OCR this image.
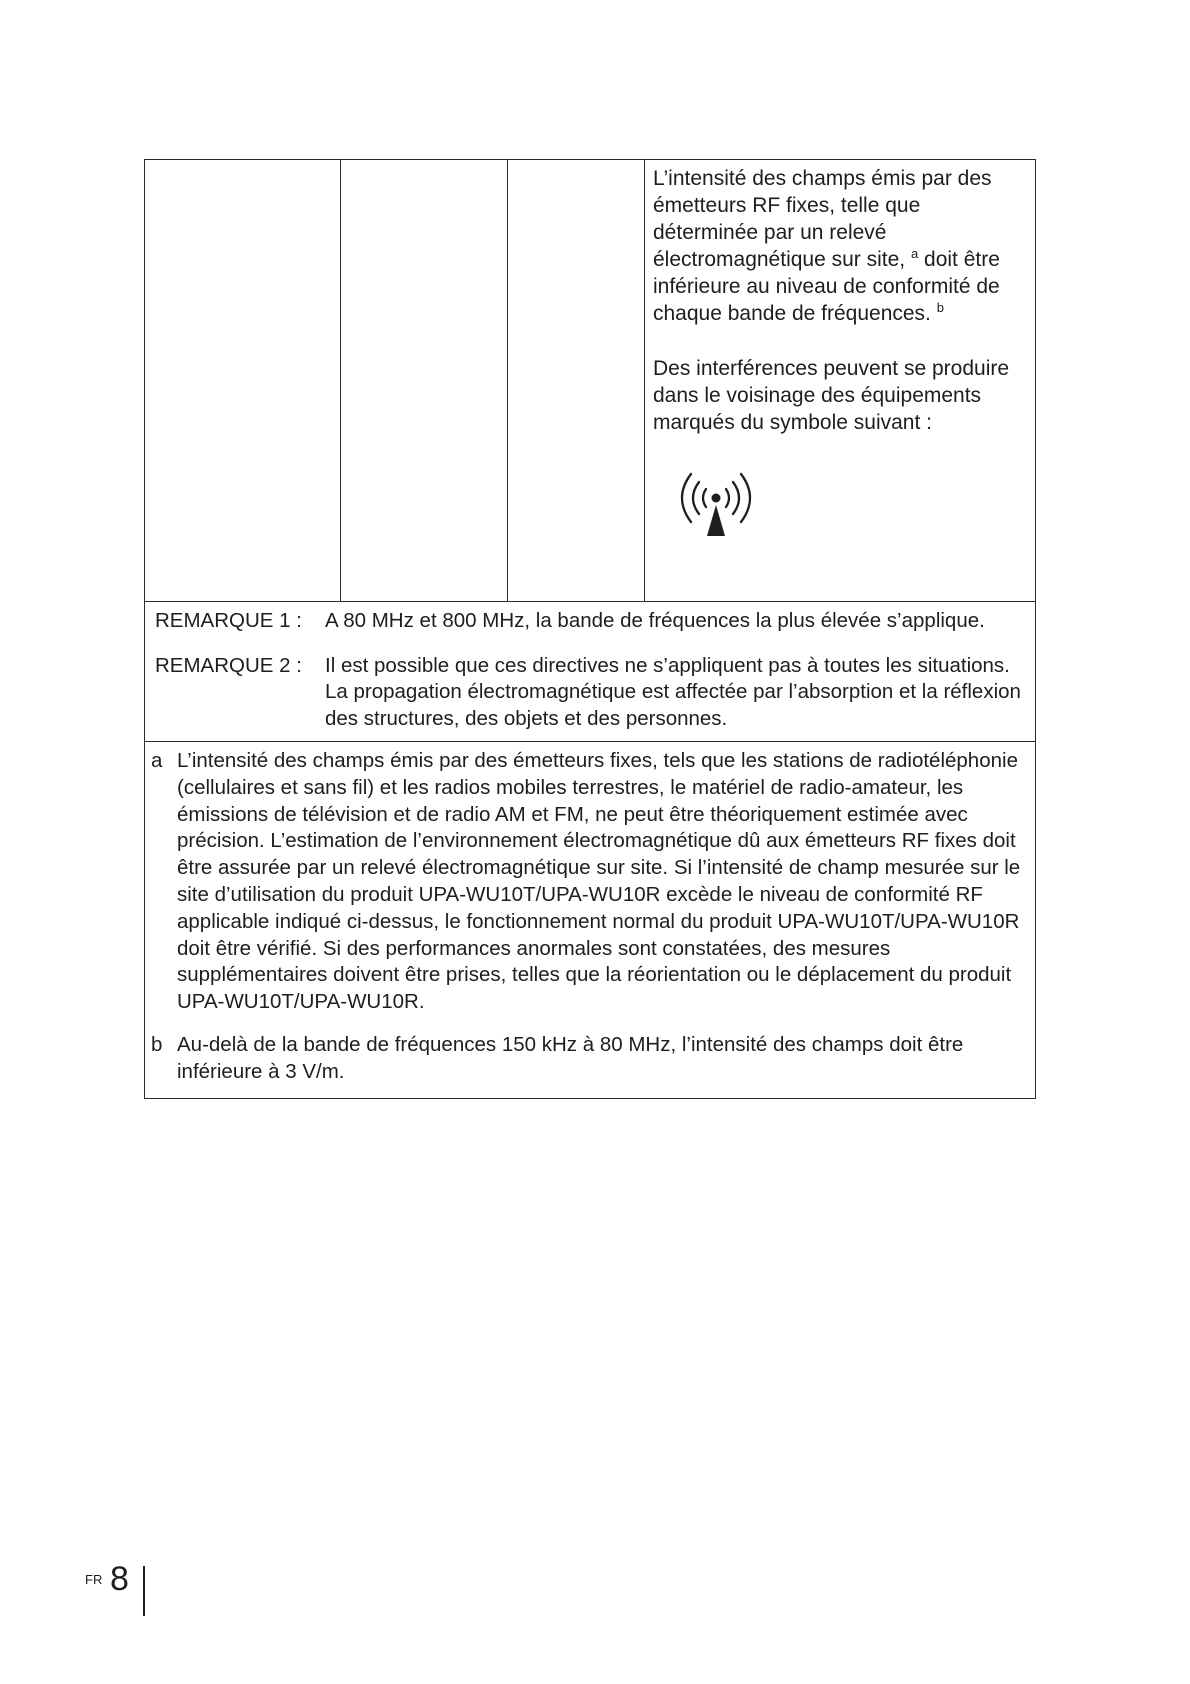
L’intensité des champs émis par des émetteurs RF fixes, telle que déterminée par un relevé électromagnétique sur site, $^a$ doit être inférieure au niveau de conformité de chaque bande de fréquences. $^b$

Des interférences peuvent se produire dans le voisinage des équipements marqués du symbole suivant :

REMARQUE 1 :	A 80 MHz et 800 MHz, la bande de fréquences la plus élevée s’applique.
REMARQUE 2 :	Il est possible que ces directives ne s’appliquent pas à toutes les situations. La propagation électromagnétique est affectée par l’absorption et la réflexion des structures, des objets et des personnes.

a L’intensité des champs émis par des émetteurs fixes, tels que les stations de radiotéléphonie (cellulaires et sans fil) et les radios mobiles terrestres, le matériel de radio-amateur, les émissions de télévision et de radio AM et FM, ne peut être théoriquement estimée avec précision. L’estimation de l’environnement électromagnétique dû aux émetteurs RF fixes doit être assurée par un relevé électromagnétique sur site. Si l’intensité de champ mesurée sur le site d’utilisation du produit UPA-WU10T/UPA-WU10R excède le niveau de conformité RF applicable indiqué ci-dessus, le fonctionnement normal du produit UPA-WU10T/UPA-WU10R doit être vérifié. Si des performances anormales sont constatées, des mesures supplémentaires doivent être prises, telles que la réorientation ou le déplacement du produit UPA-WU10T/UPA-WU10R.
b Au-delà de la bande de fréquences 150 kHz à 80 MHz, l’intensité des champs doit être inférieure à 3 V/m.
FR 8
